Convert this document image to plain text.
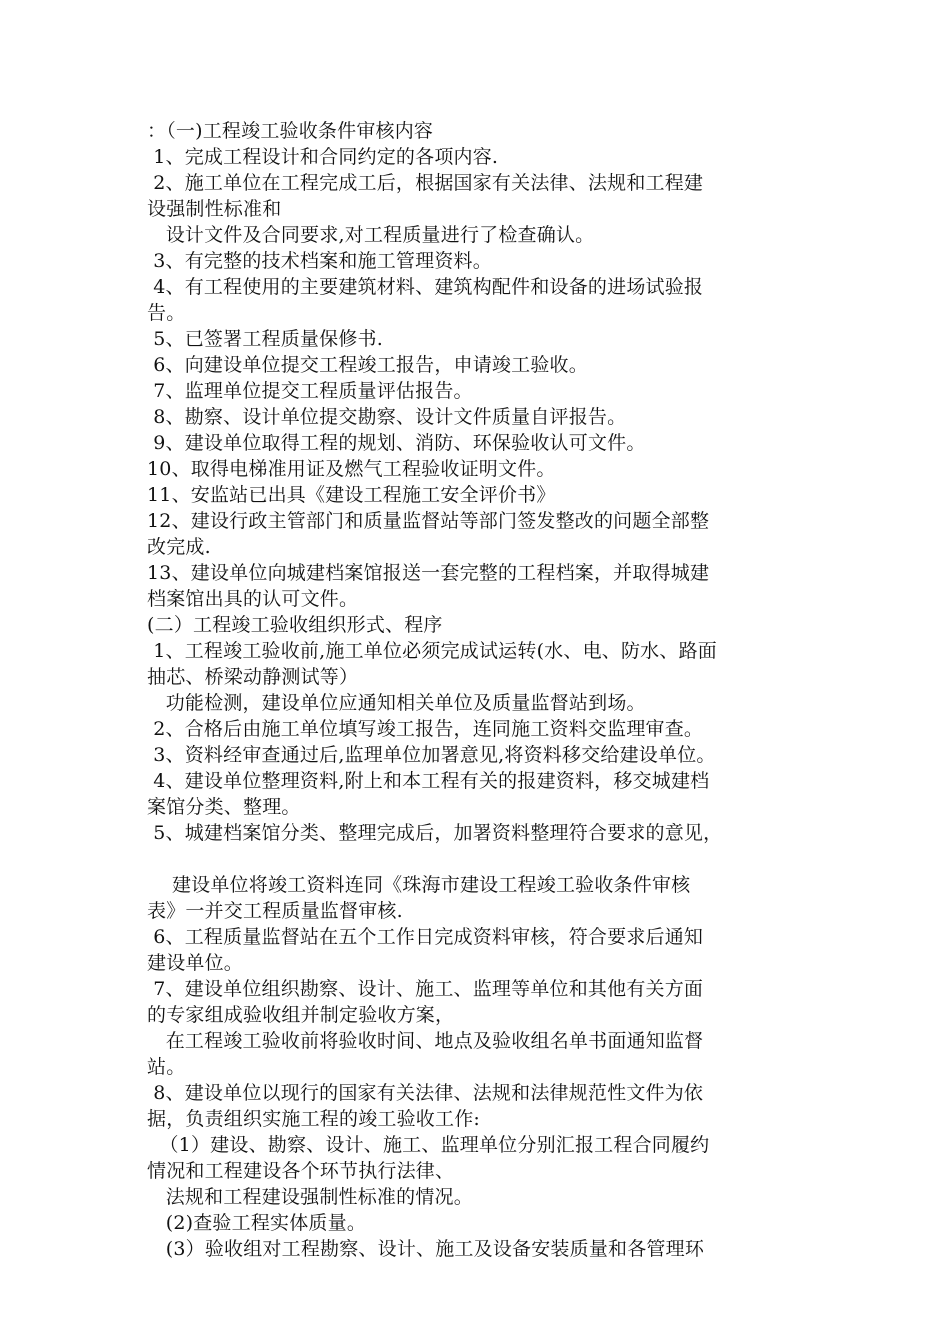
：（一)工程竣工验收条件审核内容
1、完成工程设计和合同约定的各项内容.
2、施工单位在工程完成工后，根据国家有关法律、法规和工程建
设强制性标准和
设计文件及合同要求,对工程质量进行了检查确认。
3、有完整的技术档案和施工管理资料。
4、有工程使用的主要建筑材料、建筑构配件和设备的进场试验报
告。
5、已签署工程质量保修书.
6、向建设单位提交工程竣工报告，申请竣工验收。
7、监理单位提交工程质量评估报告。
8、勘察、设计单位提交勘察、设计文件质量自评报告。
9、建设单位取得工程的规划、消防、环保验收认可文件。
10、取得电梯准用证及燃气工程验收证明文件。
11、安监站已出具《建设工程施工安全评价书》
12、建设行政主管部门和质量监督站等部门签发整改的问题全部整
改完成.
13、建设单位向城建档案馆报送一套完整的工程档案，并取得城建
档案馆出具的认可文件。
(二）工程竣工验收组织形式、程序
1、工程竣工验收前,施工单位必须完成试运转(水、电、防水、路面
抽芯、桥梁动静测试等）
功能检测，建设单位应通知相关单位及质量监督站到场。
2、合格后由施工单位填写竣工报告，连同施工资料交监理审查。
3、资料经审查通过后,监理单位加署意见,将资料移交给建设单位。
4、建设单位整理资料,附上和本工程有关的报建资料，移交城建档
案馆分类、整理。
5、城建档案馆分类、整理完成后，加署资料整理符合要求的意见，
建设单位将竣工资料连同《珠海市建设工程竣工验收条件审核
表》一并交工程质量监督审核.
6、工程质量监督站在五个工作日完成资料审核，符合要求后通知
建设单位。
7、建设单位组织勘察、设计、施工、监理等单位和其他有关方面
的专家组成验收组并制定验收方案，
在工程竣工验收前将验收时间、地点及验收组名单书面通知监督
站。
8、建设单位以现行的国家有关法律、法规和法律规范性文件为依
据，负责组织实施工程的竣工验收工作:
（1）建设、勘察、设计、施工、监理单位分别汇报工程合同履约
情况和工程建设各个环节执行法律、
法规和工程建设强制性标准的情况。
(2)查验工程实体质量。
(3）验收组对工程勘察、设计、施工及设备安装质量和各管理环
